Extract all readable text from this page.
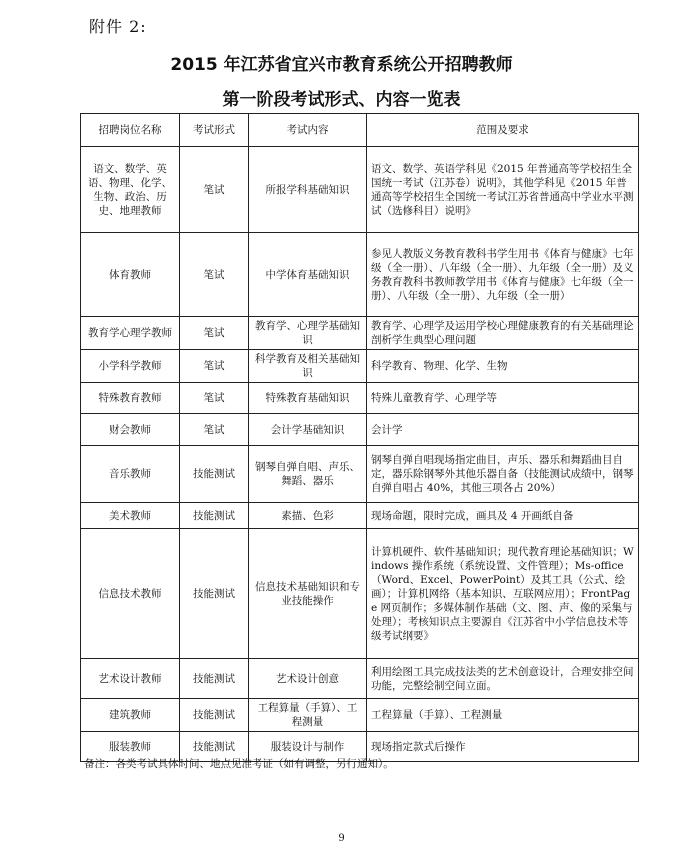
附件 2:
2015 年江苏省宜兴市教育系统公开招聘教师
第一阶段考试形式、内容一览表
招聘岗位名称	考试形式	考试内容	范围及要求
语文、数学、英语、物理、化学、生物、政治、历史、地理教师	笔试	所报学科基础知识	语文、数学、英语学科见《2015 年普通高等学校招生全国统一考试（江苏卷）说明》，其他学科见《2015 年普通高等学校招生全国统一考试江苏省普通高中学业水平测试（选修科目）说明》
体育教师	笔试	中学体育基础知识	参见人教版义务教育教科书学生用书《体育与健康》七年级（全一册）、八年级（全一册）、九年级（全一册）及义务教育教科书教师教学用书《体育与健康》七年级（全一册）、八年级（全一册）、九年级（全一册）
教育学心理学教师	笔试	教育学、心理学基础知识	教育学、心理学及运用学校心理健康教育的有关基础理论剖析学生典型心理问题
小学科学教师	笔试	科学教育及相关基础知识	科学教育、物理、化学、生物
特殊教育教师	笔试	特殊教育基础知识	特殊儿童教育学、心理学等
财会教师	笔试	会计学基础知识	会计学
音乐教师	技能测试	钢琴自弹自唱、声乐、舞蹈、器乐	钢琴自弹自唱现场指定曲目，声乐、器乐和舞蹈曲目自定，器乐除钢琴外其他乐器自备（技能测试成绩中，钢琴自弹自唱占 40%，其他三项各占 20%）
美术教师	技能测试	素描、色彩	现场命题，限时完成，画具及 4 开画纸自备
信息技术教师	技能测试	信息技术基础知识和专业技能操作	计算机硬件、软件基础知识；现代教育理论基础知识；Windows 操作系统（系统设置、文件管理）；Ms-office（Word、Excel、PowerPoint）及其工具（公式、绘画）；计算机网络（基本知识、互联网应用）；FrontPage 网页制作；多媒体制作基础（文、图、声、像的采集与处理）；考核知识点主要源自《江苏省中小学信息技术等级考试纲要》
艺术设计教师	技能测试	艺术设计创意	利用绘图工具完成技法类的艺术创意设计，合理安排空间功能，完整绘制空间立面。
建筑教师	技能测试	工程算量（手算）、工程测量	工程算量（手算）、工程测量
服装教师	技能测试	服装设计与制作	现场指定款式后操作
备注：各类考试具体时间、地点见准考证（如有调整，另行通知）。
9
